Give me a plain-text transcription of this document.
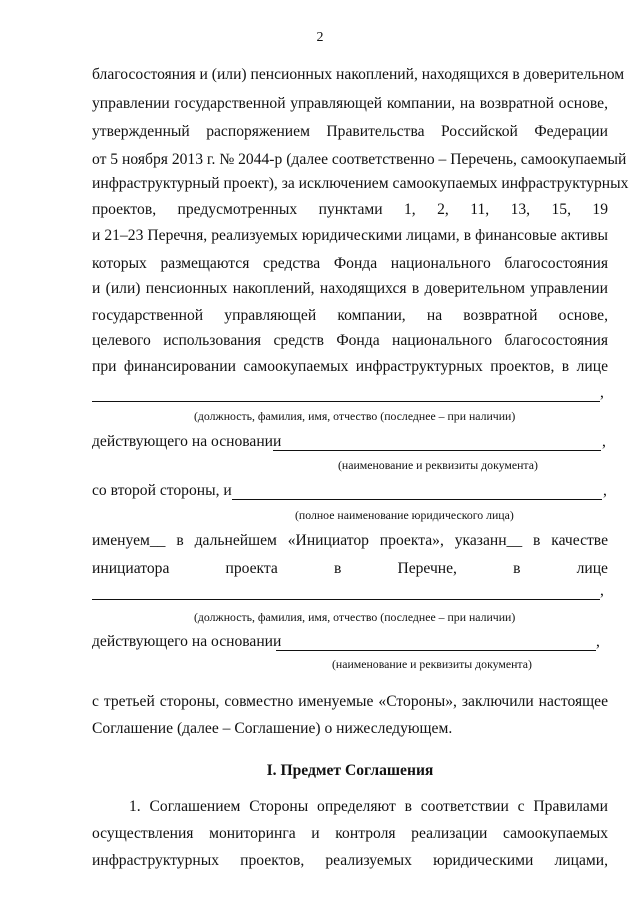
2
благосостояния и (или) пенсионных накоплений, находящихся в доверительном
управлении государственной управляющей компании, на возвратной основе,
утвержденный распоряжением Правительства Российской Федерации
от 5 ноября 2013 г. № 2044-р (далее соответственно – Перечень, самоокупаемый
инфраструктурный проект), за исключением самоокупаемых инфраструктурных
проектов, предусмотренных пунктами 1, 2, 11, 13, 15, 19
и 21–23 Перечня, реализуемых юридическими лицами, в финансовые активы
которых размещаются средства Фонда национального благосостояния
и (или) пенсионных накоплений, находящихся в доверительном управлении
государственной управляющей компании, на возвратной основе,
целевого использования средств Фонда национального благосостояния
при финансировании самоокупаемых инфраструктурных проектов, в лице
,
(должность, фамилия, имя, отчество (последнее – при наличии)
действующего на основании	,
(наименование и реквизиты документа)
со второй стороны, и	,
(полное наименование юридического лица)
именуем__ в дальнейшем «Инициатор проекта», указанн__ в качестве
инициатора	проекта	в	Перечне,	в	лице
,
(должность, фамилия, имя, отчество (последнее – при наличии)
действующего на основании	,
(наименование и реквизиты документа)
с третьей стороны, совместно именуемые «Стороны», заключили настоящее
Соглашение (далее – Соглашение) о нижеследующем.
I. Предмет Соглашения
1. Соглашением Стороны определяют в соответствии с Правилами
осуществления мониторинга и контроля реализации самоокупаемых
инфраструктурных проектов, реализуемых юридическими лицами,
